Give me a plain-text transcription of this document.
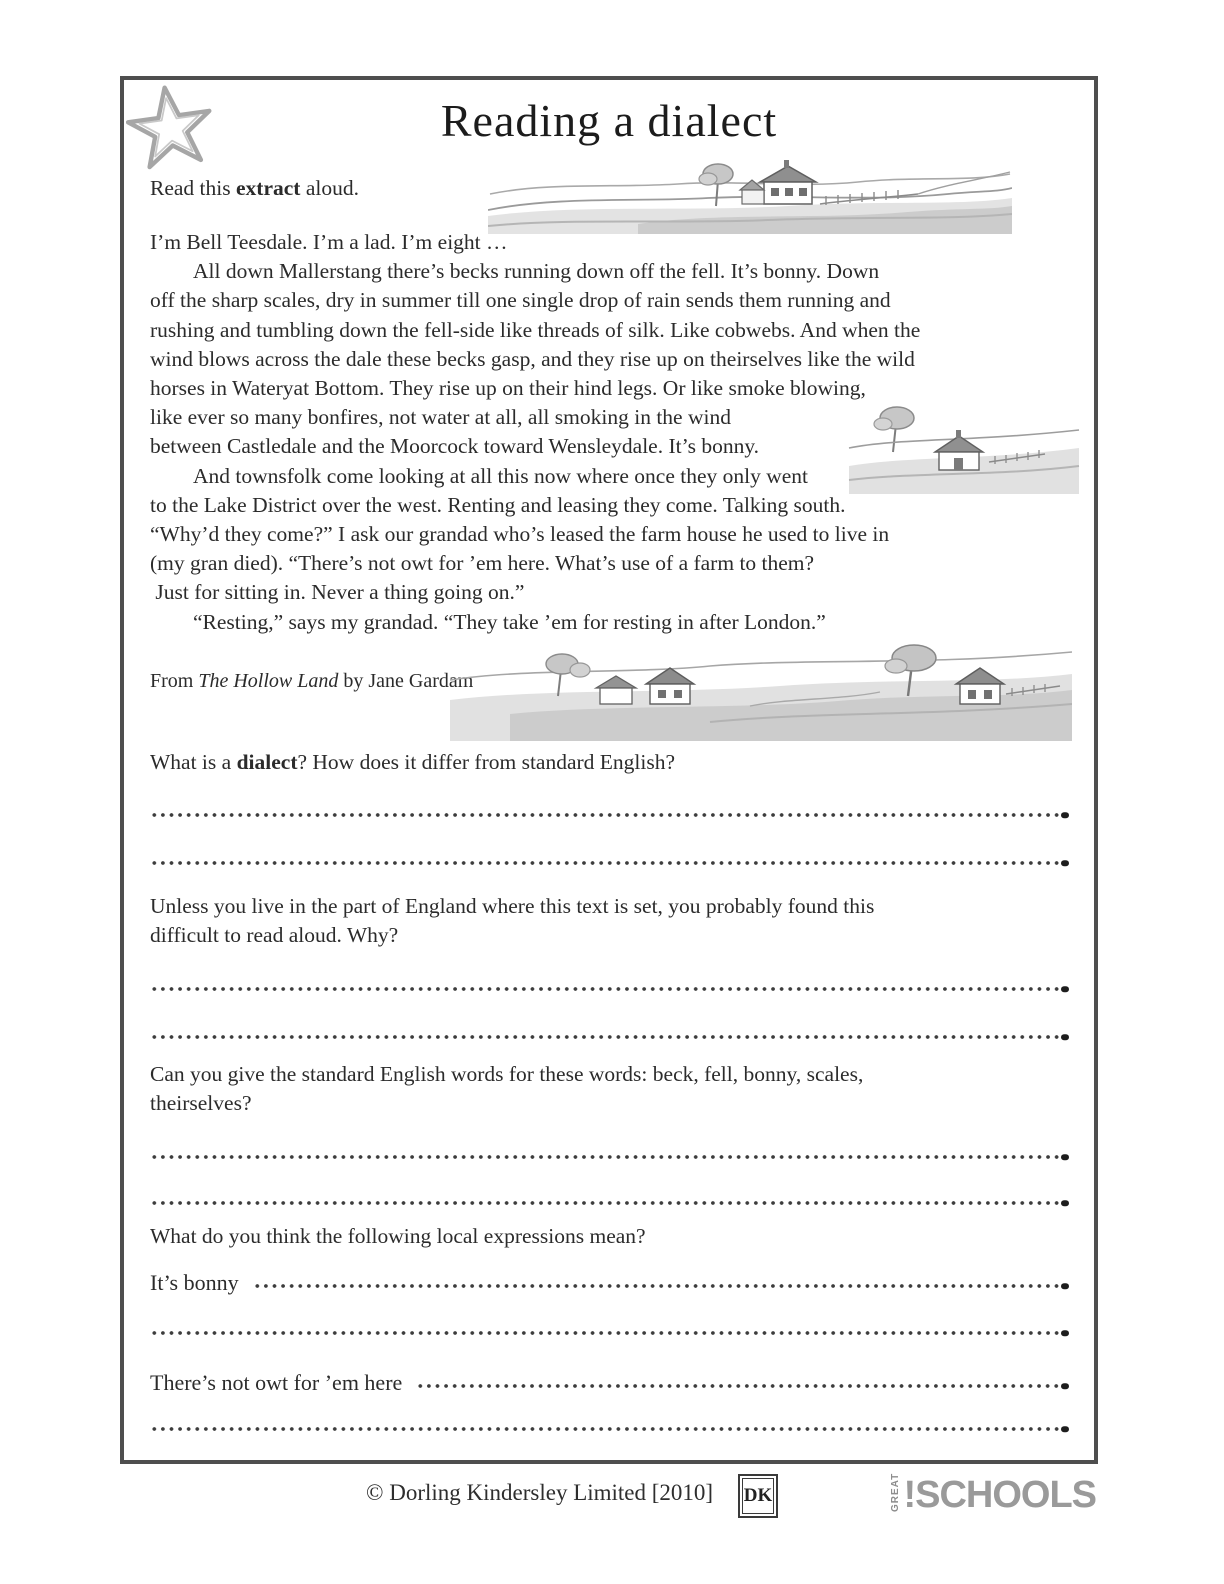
Reading a dialect
Read this extract aloud.
I’m Bell Teesdale. I’m a lad. I’m eight …
All down Mallerstang there’s becks running down off the fell. It’s bonny. Down
off the sharp scales, dry in summer till one single drop of rain sends them running and
rushing and tumbling down the fell-side like threads of silk. Like cobwebs. And when the
wind blows across the dale these becks gasp, and they rise up on theirselves like the wild
horses in Wateryat Bottom. They rise up on their hind legs. Or like smoke blowing,
like ever so many bonfires, not water at all, all smoking in the wind
between Castledale and the Moorcock toward Wensleydale. It’s bonny.
And townsfolk come looking at all this now where once they only went
to the Lake District over the west. Renting and leasing they come. Talking south.
“Why’d they come?” I ask our grandad who’s leased the farm house he used to live in
(my gran died). “There’s not owt for ’em here. What’s use of a farm to them?
Just for sitting in. Never a thing going on.”
“Resting,” says my grandad. “They take ’em for resting in after London.”
From The Hollow Land by Jane Gardam
What is a dialect? How does it differ from standard English?
Unless you live in the part of England where this text is set, you probably found this
difficult to read aloud. Why?
Can you give the standard English words for these words: beck, fell, bonny, scales,
theirselves?
What do you think the following local expressions mean?
It’s bonny
There’s not owt for ’em here
© Dorling Kindersley Limited [2010] DK	GREAT !SCHOOLS
